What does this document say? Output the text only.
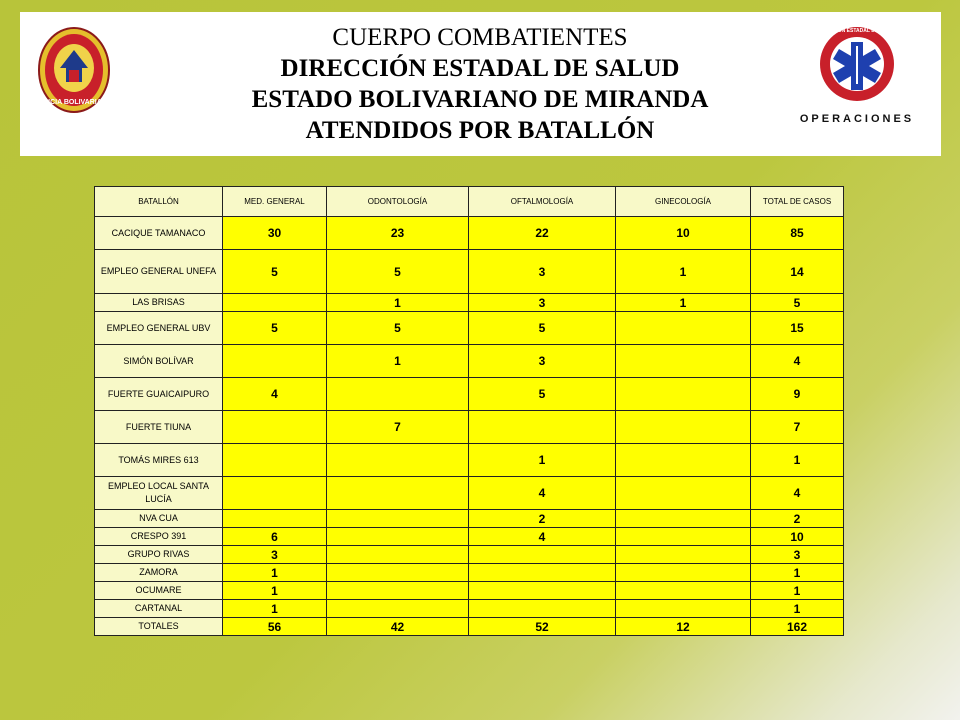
MILICIA BOLIVARIANA
CUERPO COMBATIENTES
DIRECCIÓN ESTADAL DE SALUD
ESTADO BOLIVARIANO DE MIRANDA
ATENDIDOS POR BATALLÓN
DIRECCIÓN ESTADAL DE SALUD
OPERACIONES
BATALLÓN	MED. GENERAL	ODONTOLOGÍA	OFTALMOLOGÍA	GINECOLOGÍA	TOTAL DE CASOS
CACIQUE TAMANACO	30	23	22	10	85
EMPLEO GENERAL UNEFA	5	5	3	1	14
LAS BRISAS		1	3	1	5
EMPLEO GENERAL UBV	5	5	5		15
SIMÓN BOLÍVAR		1	3		4
FUERTE GUAICAIPURO	4		5		9
FUERTE TIUNA		7			7
TOMÁS MIRES 613			1		1
EMPLEO LOCAL SANTA LUCÍA			4		4
NVA CUA			2		2
CRESPO 391	6		4		10
GRUPO RIVAS	3				3
ZAMORA	1				1
OCUMARE	1				1
CARTANAL	1				1
TOTALES	56	42	52	12	162
